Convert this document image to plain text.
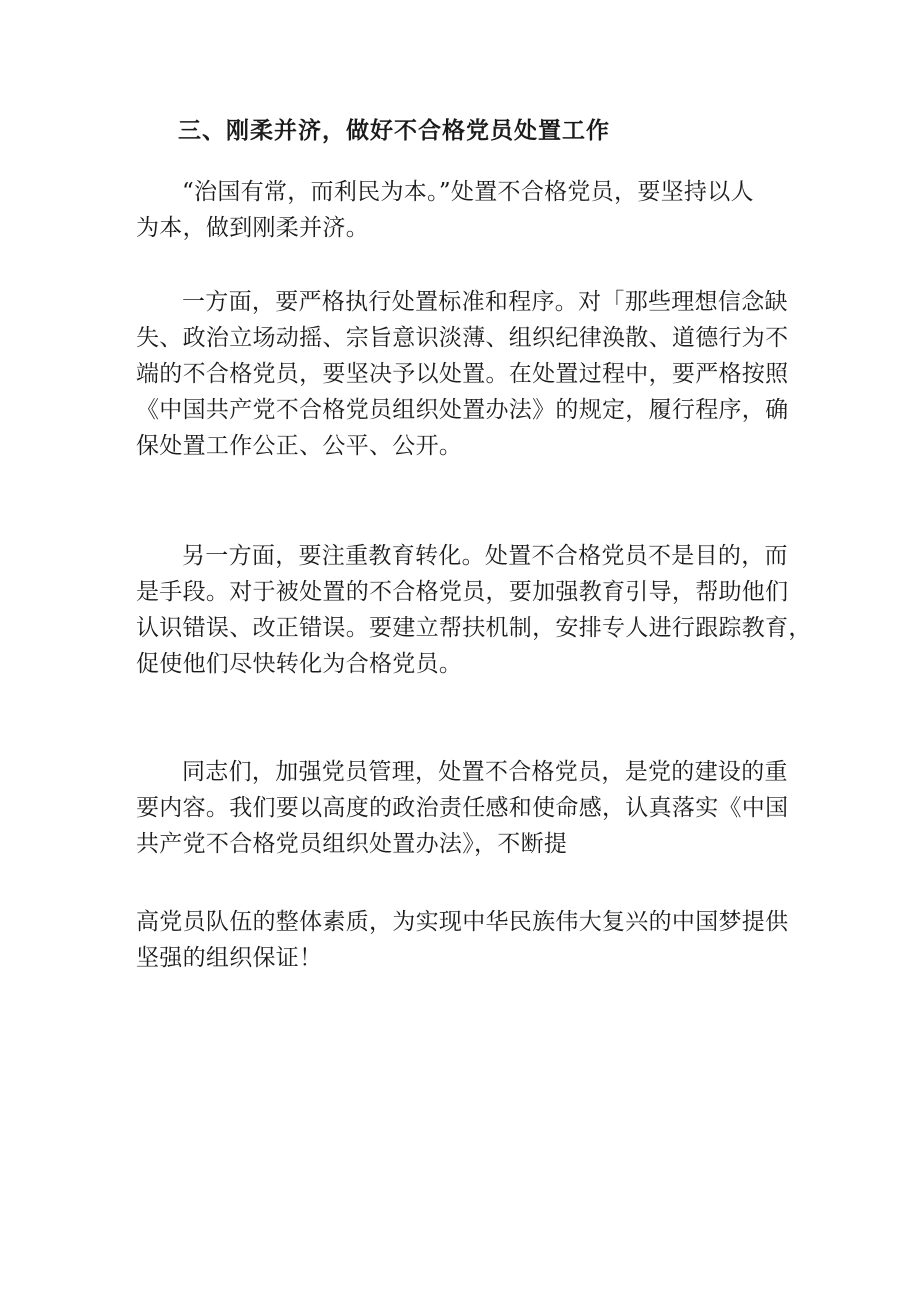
三、刚柔并济，做好不合格党员处置工作
“治国有常，而利民为本。”处置不合格党员，要坚持以人
为本，做到刚柔并济。
一方面，要严格执行处置标准和程序。对「那些理想信念缺
失、政治立场动摇、宗旨意识淡薄、组织纪律涣散、道德行为不
端的不合格党员，要坚决予以处置。在处置过程中，要严格按照
《中国共产党不合格党员组织处置办法》的规定，履行程序，确
保处置工作公正、公平、公开。
另一方面，要注重教育转化。处置不合格党员不是目的，而
是手段。对于被处置的不合格党员，要加强教育引导，帮助他们
认识错误、改正错误。要建立帮扶机制，安排专人进行跟踪教育，
促使他们尽快转化为合格党员。
同志们，加强党员管理，处置不合格党员，是党的建设的重
要内容。我们要以高度的政治责任感和使命感，认真落实《中国
共产党不合格党员组织处置办法》，不断提
高党员队伍的整体素质，为实现中华民族伟大复兴的中国梦提供
坚强的组织保证！
